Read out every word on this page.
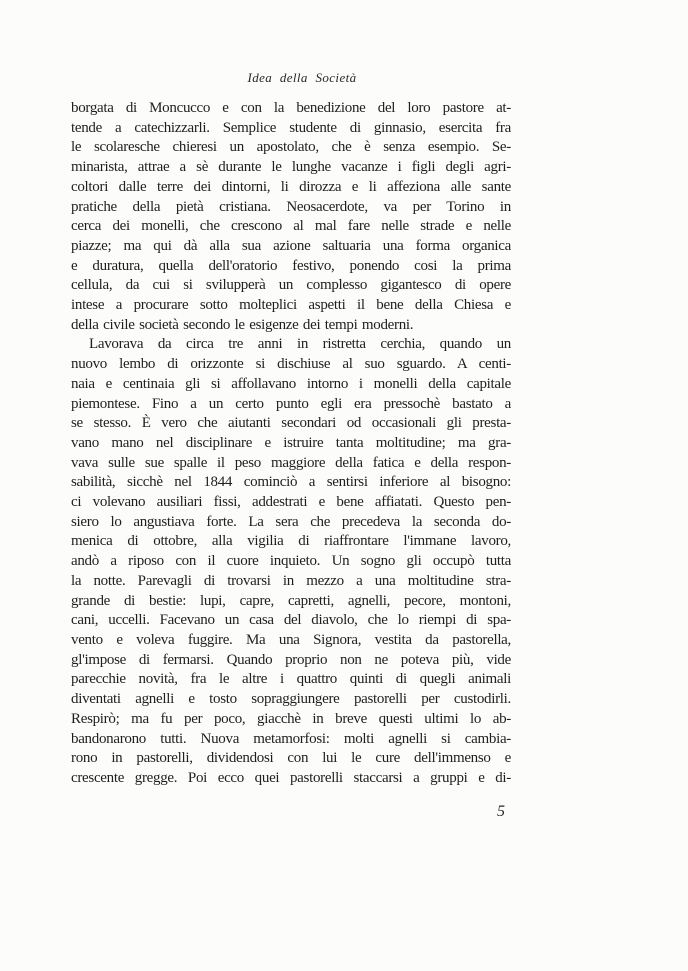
Idea della Società
borgata di Moncucco e con la benedizione del loro pastore at-
tende a catechizzarli. Semplice studente di ginnasio, esercita fra
le scolaresche chieresi un apostolato, che è senza esempio. Se-
minarista, attrae a sè durante le lunghe vacanze i figli degli agri-
coltori dalle terre dei dintorni, li dirozza e li affeziona alle sante
pratiche della pietà cristiana. Neosacerdote, va per Torino in
cerca dei monelli, che crescono al mal fare nelle strade e nelle
piazze; ma qui dà alla sua azione saltuaria una forma organica
e duratura, quella dell'oratorio festivo, ponendo cosi la prima
cellula, da cui si svilupperà un complesso gigantesco di opere
intese a procurare sotto molteplici aspetti il bene della Chiesa e
della civile società secondo le esigenze dei tempi moderni.
Lavorava da circa tre anni in ristretta cerchia, quando un
nuovo lembo di orizzonte si dischiuse al suo sguardo. A centi-
naia e centinaia gli si affollavano intorno i monelli della capitale
piemontese. Fino a un certo punto egli era pressochè bastato a
se stesso. È vero che aiutanti secondari od occasionali gli presta-
vano mano nel disciplinare e istruire tanta moltitudine; ma gra-
vava sulle sue spalle il peso maggiore della fatica e della respon-
sabilità, sicchè nel 1844 cominciò a sentirsi inferiore al bisogno:
ci volevano ausiliari fissi, addestrati e bene affiatati. Questo pen-
siero lo angustiava forte. La sera che precedeva la seconda do-
menica di ottobre, alla vigilia di riaffrontare l'immane lavoro,
andò a riposo con il cuore inquieto. Un sogno gli occupò tutta
la notte. Parevagli di trovarsi in mezzo a una moltitudine stra-
grande di bestie: lupi, capre, capretti, agnelli, pecore, montoni,
cani, uccelli. Facevano un casa del diavolo, che lo riempi di spa-
vento e voleva fuggire. Ma una Signora, vestita da pastorella,
gl'impose di fermarsi. Quando proprio non ne poteva più, vide
parecchie novità, fra le altre i quattro quinti di quegli animali
diventati agnelli e tosto sopraggiungere pastorelli per custodirli.
Respirò; ma fu per poco, giacchè in breve questi ultimi lo ab-
bandonarono tutti. Nuova metamorfosi: molti agnelli si cambia-
rono in pastorelli, dividendosi con lui le cure dell'immenso e
crescente gregge. Poi ecco quei pastorelli staccarsi a gruppi e di-
5
